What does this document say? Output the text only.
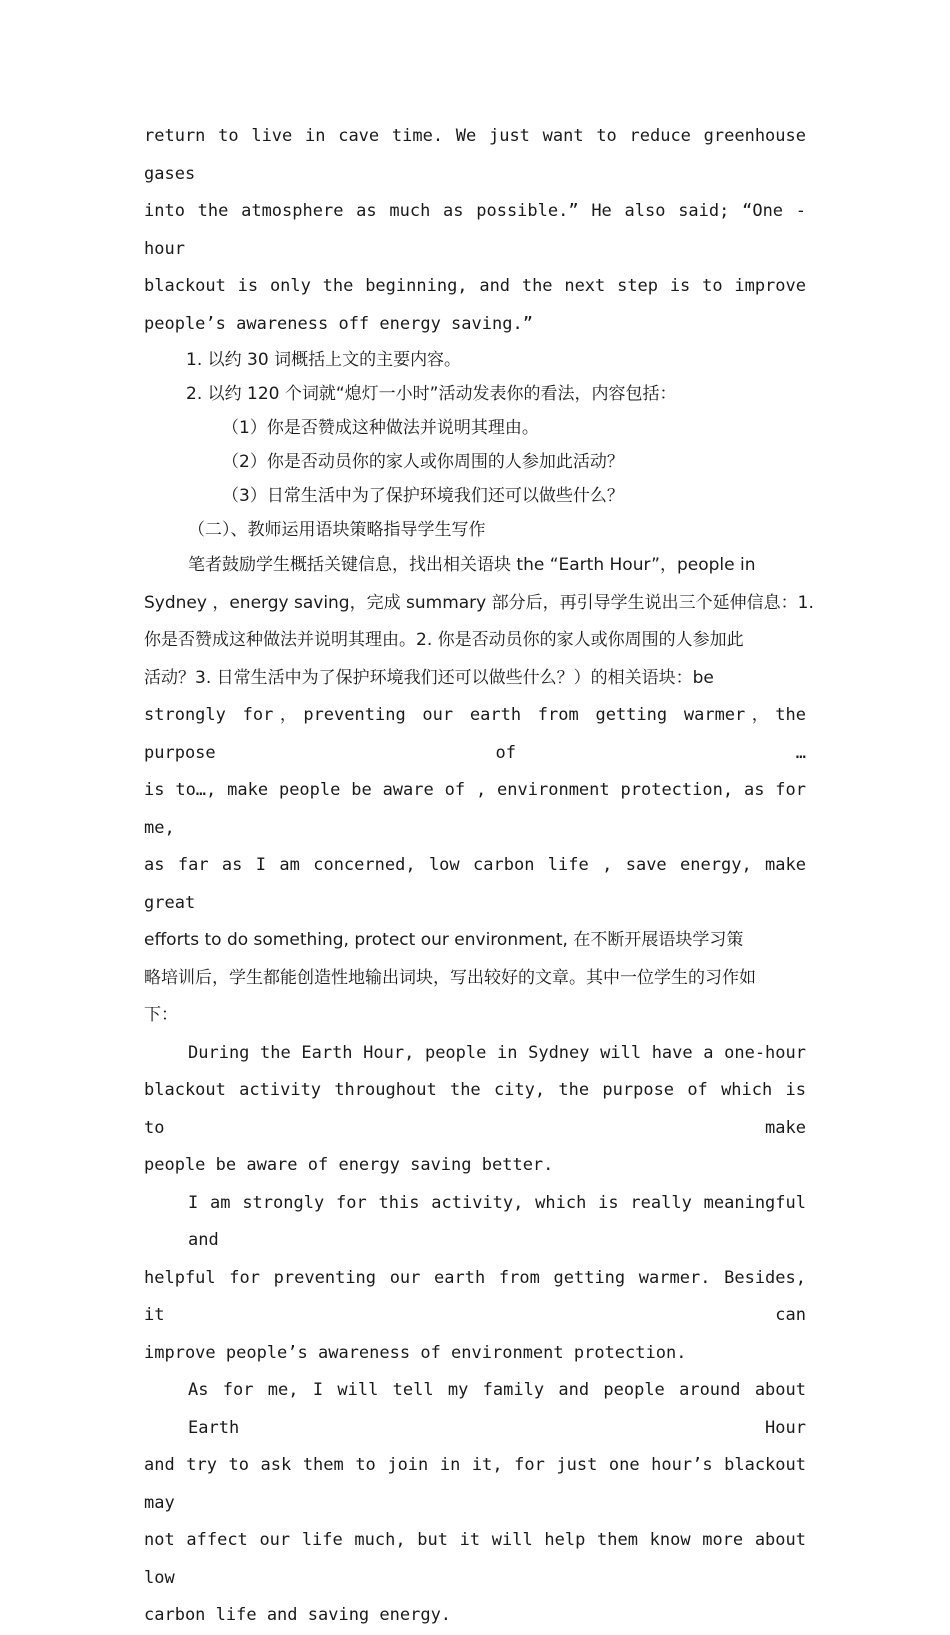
return to live in cave time. We just want to reduce greenhouse gases
into the atmosphere as much as possible.” He also said; “One - hour
blackout is only the beginning, and the next step is to improve
people’s awareness off energy saving.”
1. 以约 30 词概括上文的主要内容。
2. 以约 120 个词就“熄灯一小时”活动发表你的看法，内容包括：
（1）你是否赞成这种做法并说明其理由。
（2）你是否动员你的家人或你周围的人参加此活动？
（3）日常生活中为了保护环境我们还可以做些什么？
（二）、教师运用语块策略指导学生写作
笔者鼓励学生概括关键信息，找出相关语块 the “Earth Hour”，people in
Sydney ，energy saving，完成 summary 部分后，再引导学生说出三个延伸信息：1.
你是否赞成这种做法并说明其理由。2. 你是否动员你的家人或你周围的人参加此
活动？3. 日常生活中为了保护环境我们还可以做些什么？）的相关语块：be
strongly for，preventing our earth from getting warmer，the purpose of …
is to…, make people be aware of , environment protection, as for me,
as far as I am concerned, low carbon life , save energy, make great
efforts to do something, protect our environment, 在不断开展语块学习策
略培训后，学生都能创造性地输出词块，写出较好的文章。其中一位学生的习作如
下：
During the Earth Hour, people in Sydney will have a one-hour
blackout activity throughout the city, the purpose of which is to make
people be aware of energy saving better.
I am strongly for this activity, which is really meaningful and
helpful for preventing our earth from getting warmer. Besides, it can
improve people’s awareness of environment protection.
As for me, I will tell my family and people around about Earth Hour
and try to ask them to join in it, for just one hour’s blackout may
not affect our life much, but it will help them know more about low
carbon life and saving energy.
